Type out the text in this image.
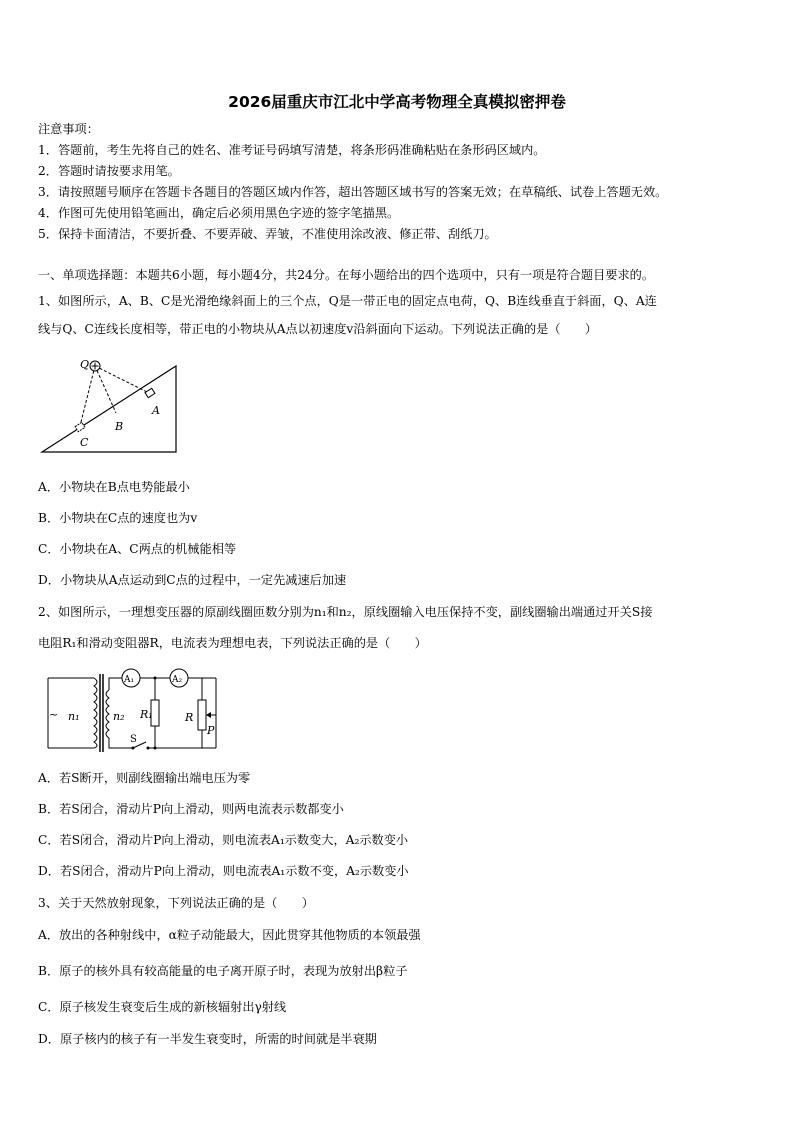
2026届重庆市江北中学高考物理全真模拟密押卷
注意事项：
1．答题前，考生先将自己的姓名、准考证号码填写清楚，将条形码准确粘贴在条形码区域内。
2．答题时请按要求用笔。
3．请按照题号顺序在答题卡各题目的答题区域内作答，超出答题区域书写的答案无效；在草稿纸、试卷上答题无效。
4．作图可先使用铅笔画出，确定后必须用黑色字迹的签字笔描黑。
5．保持卡面清洁，不要折叠、不要弄破、弄皱，不准使用涂改液、修正带、刮纸刀。
一、单项选择题：本题共6小题，每小题4分，共24分。在每小题给出的四个选项中，只有一项是符合题目要求的。
1、如图所示，A、B、C是光滑绝缘斜面上的三个点，Q是一带正电的固定点电荷，Q、B连线垂直于斜面，Q、A连
线与Q、C连线长度相等，带正电的小物块从A点以初速度v沿斜面向下运动。下列说法正确的是（　　）
Q
A
B
C
A．小物块在B点电势能最小
B．小物块在C点的速度也为v
C．小物块在A、C两点的机械能相等
D．小物块从A点运动到C点的过程中，一定先减速后加速
2、如图所示，一理想变压器的原副线圈匝数分别为n₁和n₂，原线圈输入电压保持不变，副线圈输出端通过开关S接
电阻R₁和滑动变阻器R，电流表为理想电表，下列说法正确的是（　　）
~ n₁	n₂ R₁	R
P
S
A₁	A₂
A．若S断开，则副线圈输出端电压为零
B．若S闭合，滑动片P向上滑动，则两电流表示数都变小
C．若S闭合，滑动片P向上滑动，则电流表A₁示数变大，A₂示数变小
D．若S闭合，滑动片P向上滑动，则电流表A₁示数不变，A₂示数变小
3、关于天然放射现象，下列说法正确的是（　　）
A．放出的各种射线中，α粒子动能最大，因此贯穿其他物质的本领最强
B．原子的核外具有较高能量的电子离开原子时，表现为放射出β粒子
C．原子核发生衰变后生成的新核辐射出γ射线
D．原子核内的核子有一半发生衰变时，所需的时间就是半衰期
